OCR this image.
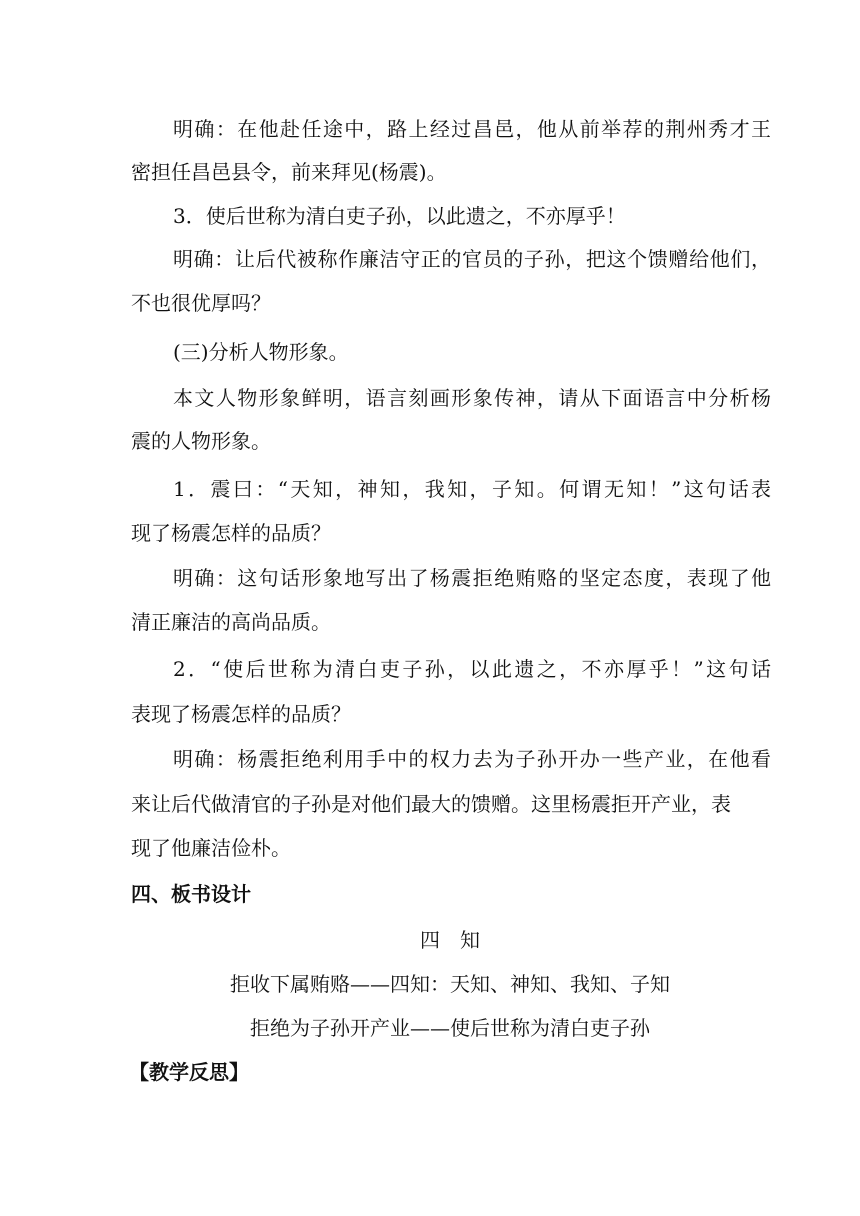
明确：在他赴任途中，路上经过昌邑，他从前举荐的荆州秀才王
密担任昌邑县令，前来拜见(杨震)。
3．使后世称为清白吏子孙，以此遗之，不亦厚乎！
明确：让后代被称作廉洁守正的官员的子孙，把这个馈赠给他们，
不也很优厚吗？
(三)分析人物形象。
本文人物形象鲜明，语言刻画形象传神，请从下面语言中分析杨
震的人物形象。
1．震曰：“天知，神知，我知，子知。何谓无知！”这句话表
现了杨震怎样的品质？
明确：这句话形象地写出了杨震拒绝贿赂的坚定态度，表现了他
清正廉洁的高尚品质。
2．“使后世称为清白吏子孙，以此遗之，不亦厚乎！”这句话
表现了杨震怎样的品质？
明确：杨震拒绝利用手中的权力去为子孙开办一些产业，在他看
来让后代做清官的子孙是对他们最大的馈赠。这里杨震拒开产业，表
现了他廉洁俭朴。
四、板书设计
四　知
拒收下属贿赂——四知：天知、神知、我知、子知
拒绝为子孙开产业——使后世称为清白吏子孙
【教学反思】
